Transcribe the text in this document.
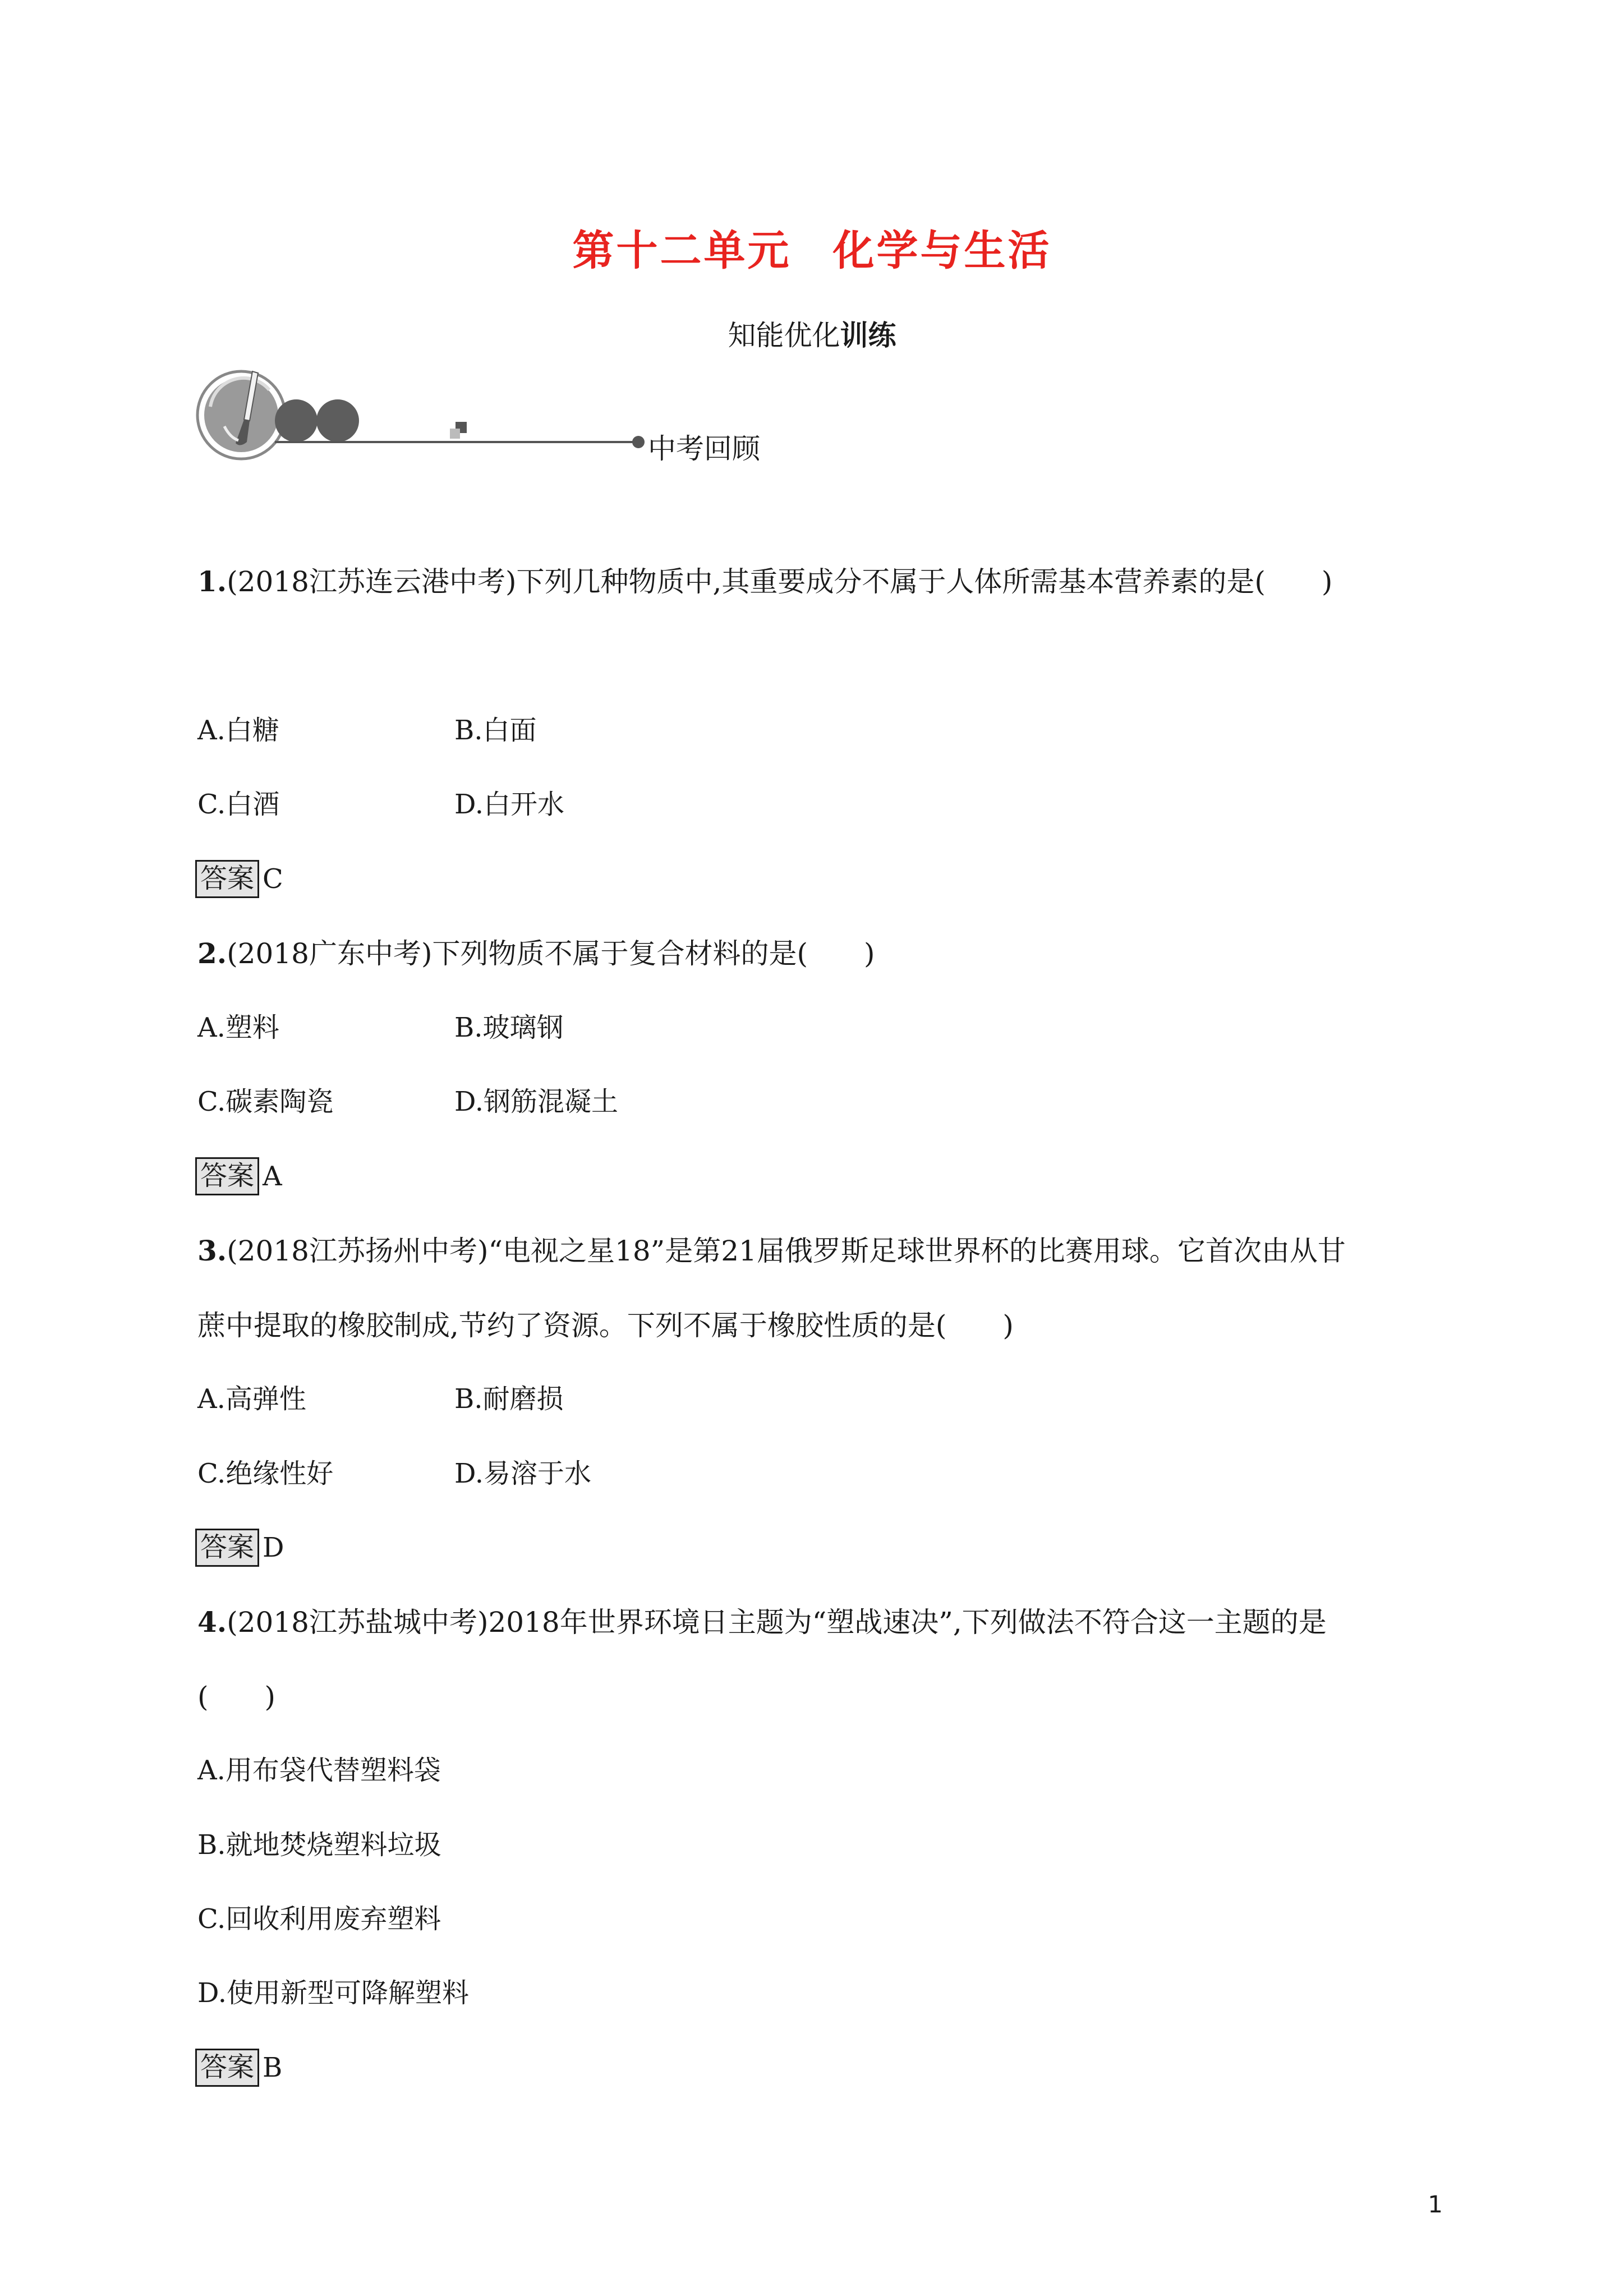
第十二单元 化学与生活
知能优化训练
中考回顾
1.(2018江苏连云港中考)下列几种物质中,其重要成分不属于人体所需基本营养素的是(　　)
A.白糖	B.白面
C.白酒	D.白开水
答案 C
2.(2018广东中考)下列物质不属于复合材料的是(　　)
A.塑料	B.玻璃钢
C.碳素陶瓷	D.钢筋混凝土
答案 A
3.(2018江苏扬州中考)“电视之星18”是第21届俄罗斯足球世界杯的比赛用球。它首次由从甘
蔗中提取的橡胶制成,节约了资源。下列不属于橡胶性质的是(　　)
A.高弹性	B.耐磨损
C.绝缘性好	D.易溶于水
答案 D
4.(2018江苏盐城中考)2018年世界环境日主题为“塑战速决”,下列做法不符合这一主题的是
(　　)
A.用布袋代替塑料袋
B.就地焚烧塑料垃圾
C.回收利用废弃塑料
D.使用新型可降解塑料
答案 B
1
